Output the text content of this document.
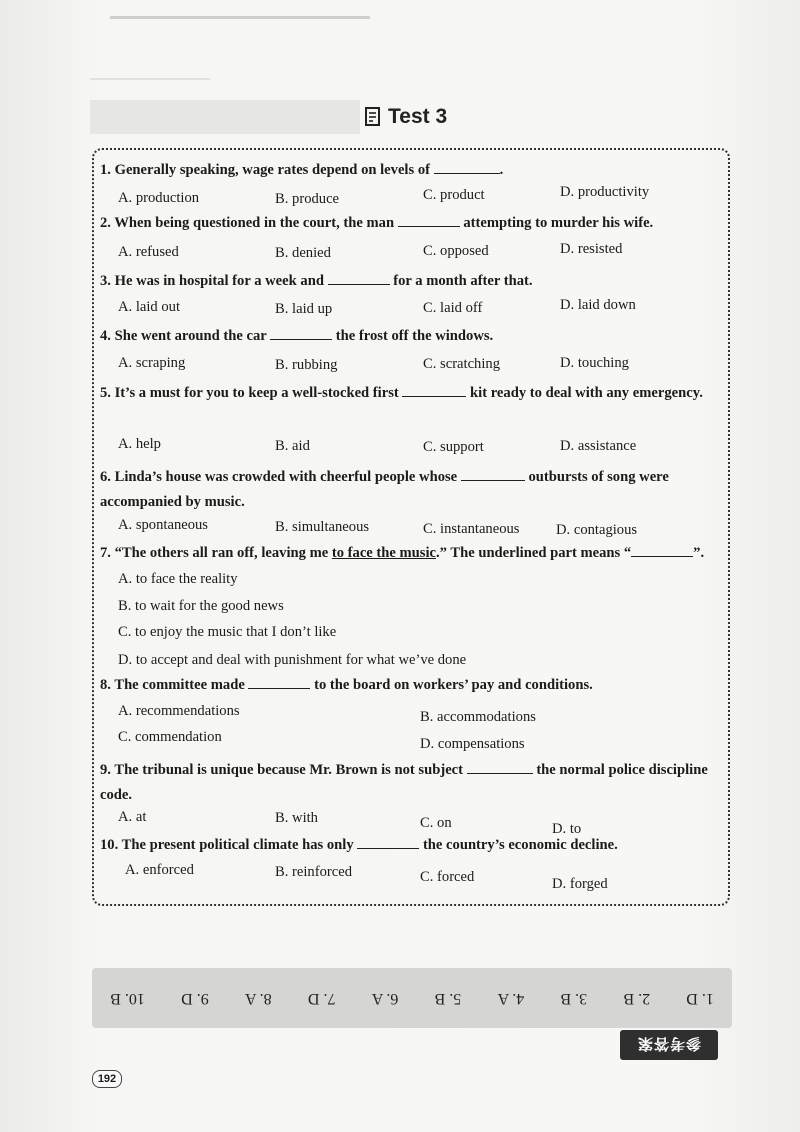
Test 3
1. Generally speaking, wage rates depend on levels of	.
A. production	B. produce	C. product	D. productivity
2. When being questioned in the court, the man	attempting to murder his wife.
A. refused	B. denied	C. opposed	D. resisted
3. He was in hospital for a week and	for a month after that.
A. laid out	B. laid up	C. laid off	D. laid down
4. She went around the car	the frost off the windows.
A. scraping	B. rubbing	C. scratching	D. touching
5. It’s a must for you to keep a well-stocked first	kit ready to deal with any emergency.
A. help	B. aid	C. support	D. assistance
6. Linda’s house was crowded with cheerful people whose	outbursts of song were accompanied by music.
A. spontaneous	B. simultaneous	C. instantaneous	D. contagious
7. “The others all ran off, leaving me to face the music.” The underlined part means “	”.
A. to face the reality
B. to wait for the good news
C. to enjoy the music that I don’t like
D. to accept and deal with punishment for what we’ve done
8. The committee made	to the board on workers’ pay and conditions.
A. recommendations	B. accommodations
C. commendation	D. compensations
9. The tribunal is unique because Mr. Brown is not subject	the normal police discipline code.
A. at	B. with	C. on	D. to
10. The present political climate has only	the country’s economic decline.
A. enforced	B. reinforced	C. forced	D. forged
1. D
2. B
3. B
4. A
5. B
6. A
7. D
8. A
9. D
10. B
参考答案
192
